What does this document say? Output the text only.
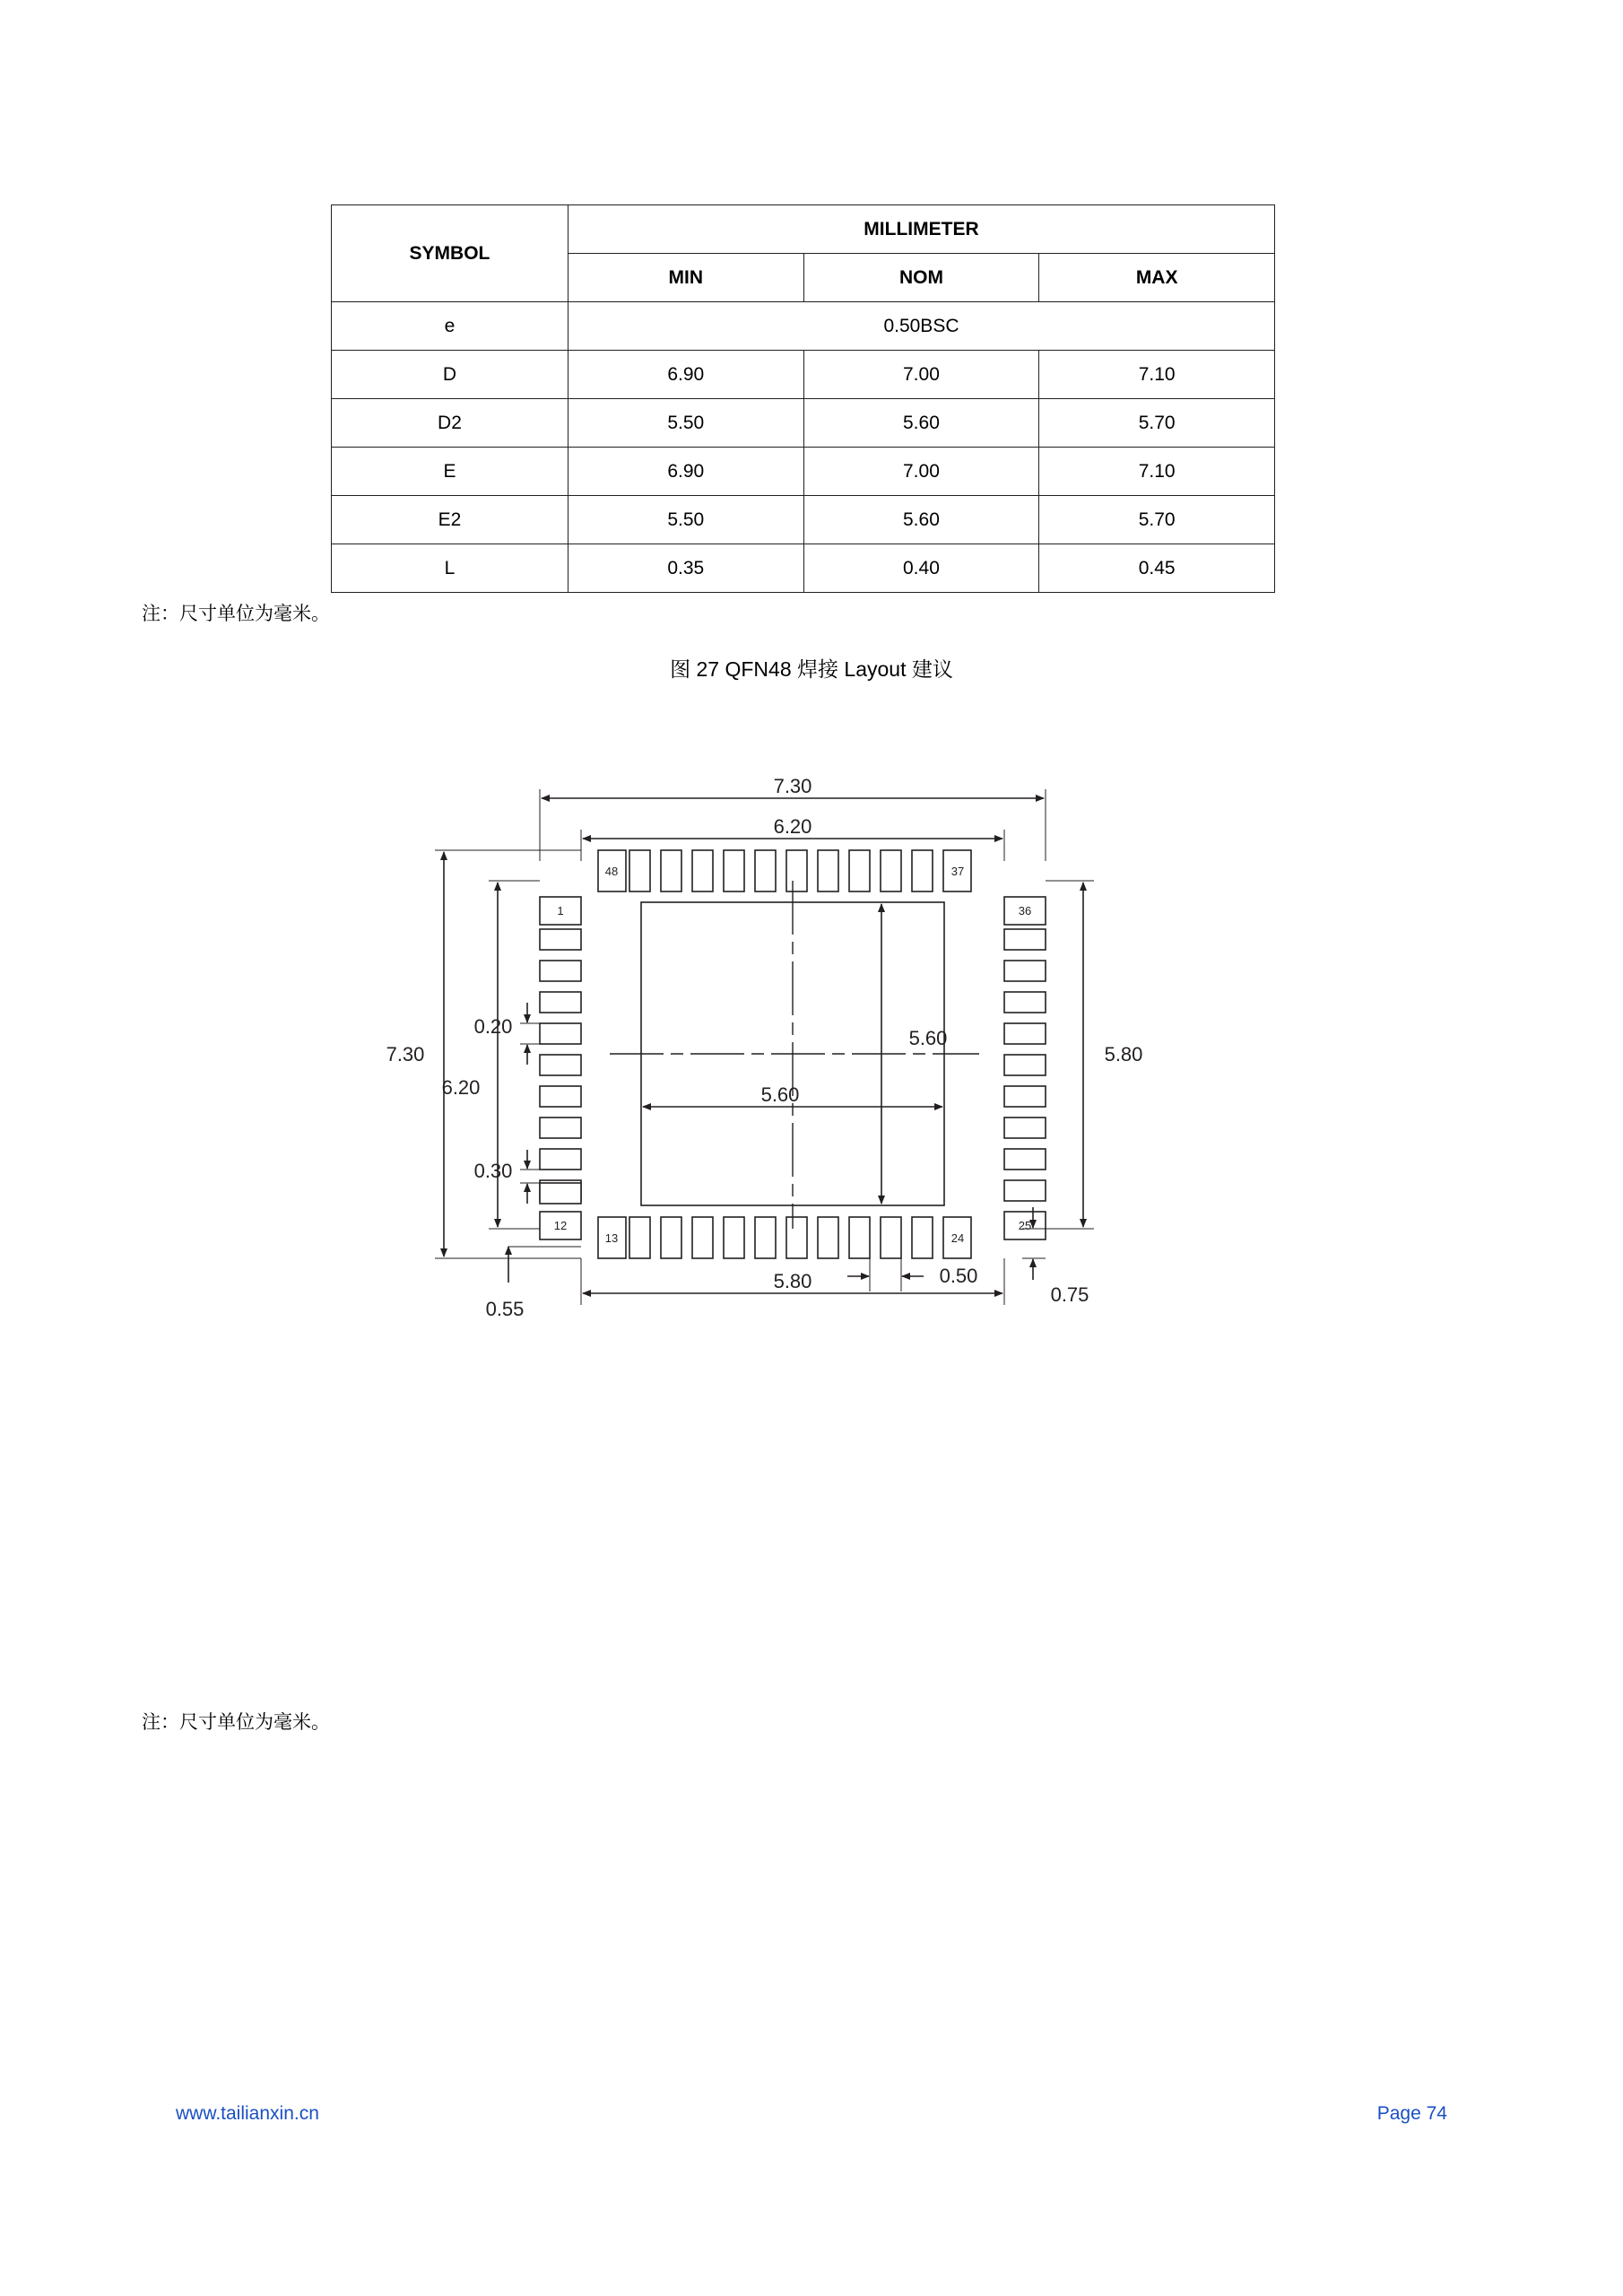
SYMBOL	MILLIMETER		
	MIN	NOM	MAX
e	0.50BSC		
D	6.90	7.00	7.10
D2	5.50	5.60	5.70
E	6.90	7.00	7.10
E2	5.50	5.60	5.70
L	0.35	0.40	0.45
注：尺寸单位为毫米。
图 27 QFN48 焊接 Layout 建议
7.30
6.20
7.30
6.20
5.80
5.80
5.60
5.60
0.20
0.30
0.50
0.55
0.75
48	37
36
25
24
13
12
1
注：尺寸单位为毫米。
www.tailianxin.cn	Page 74
